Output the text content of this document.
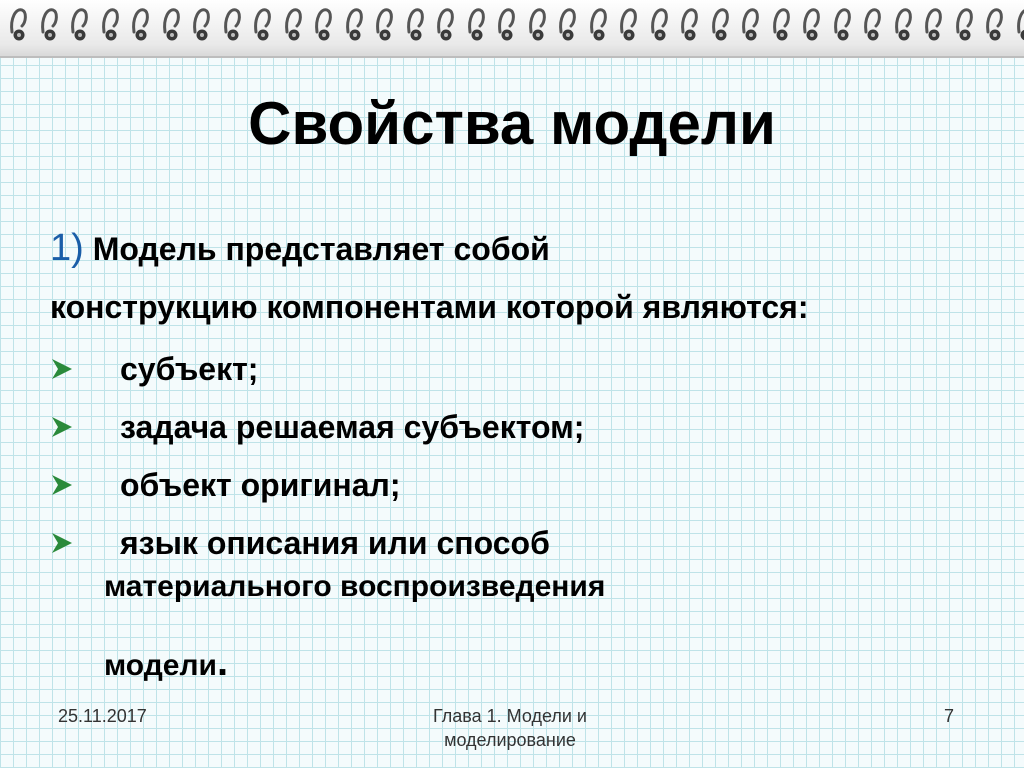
Свойства модели
1) Модель представляет собой
конструкцию компонентами которой являются:
субъект;
задача решаемая субъектом;
объект оригинал;
язык описания или способ
материального воспроизведения
модели.
25.11.2017	Глава 1. Модели и моделирование
7
